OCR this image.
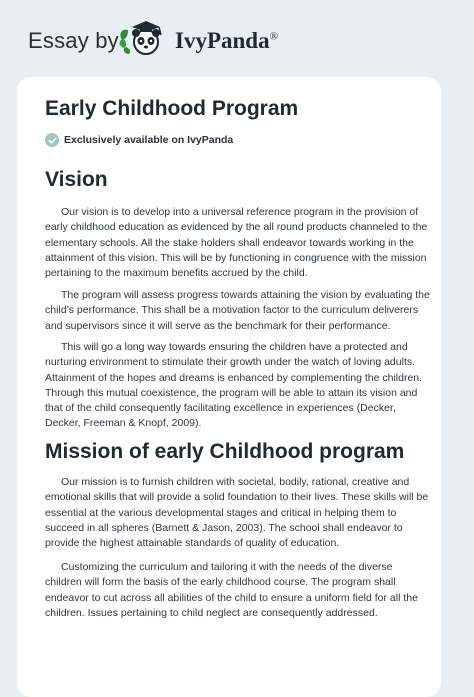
Essay by IvyPanda®
Early Childhood Program
Exclusively available on IvyPanda
Vision

Our vision is to develop into a universal reference program in the provision of early childhood education as evidenced by the all round products channeled to the elementary schools. All the stake holders shall endeavor towards working in the attainment of this vision. This will be by functioning in congruence with the mission pertaining to the maximum benefits accrued by the child.

The program will assess progress towards attaining the vision by evaluating the child’s performance. This shall be a motivation factor to the curriculum deliverers and supervisors since it will serve as the benchmark for their performance.

This will go a long way towards ensuring the children have a protected and nurturing environment to stimulate their growth under the watch of loving adults. Attainment of the hopes and dreams is enhanced by complementing the children. Through this mutual coexistence, the program will be able to attain its vision and that of the child consequently facilitating excellence in experiences (Decker, Decker, Freeman & Knopf, 2009).

Mission of early Childhood program

Our mission is to furnish children with societal, bodily, rational, creative and emotional skills that will provide a solid foundation to their lives. These skills will be essential at the various developmental stages and critical in helping them to succeed in all spheres (Barnett & Jason, 2003). The school shall endeavor to provide the highest attainable standards of quality of education.

Customizing the curriculum and tailoring it with the needs of the diverse children will form the basis of the early childhood course. The program shall endeavor to cut across all abilities of the child to ensure a uniform field for all the children. Issues pertaining to child neglect are consequently addressed.
